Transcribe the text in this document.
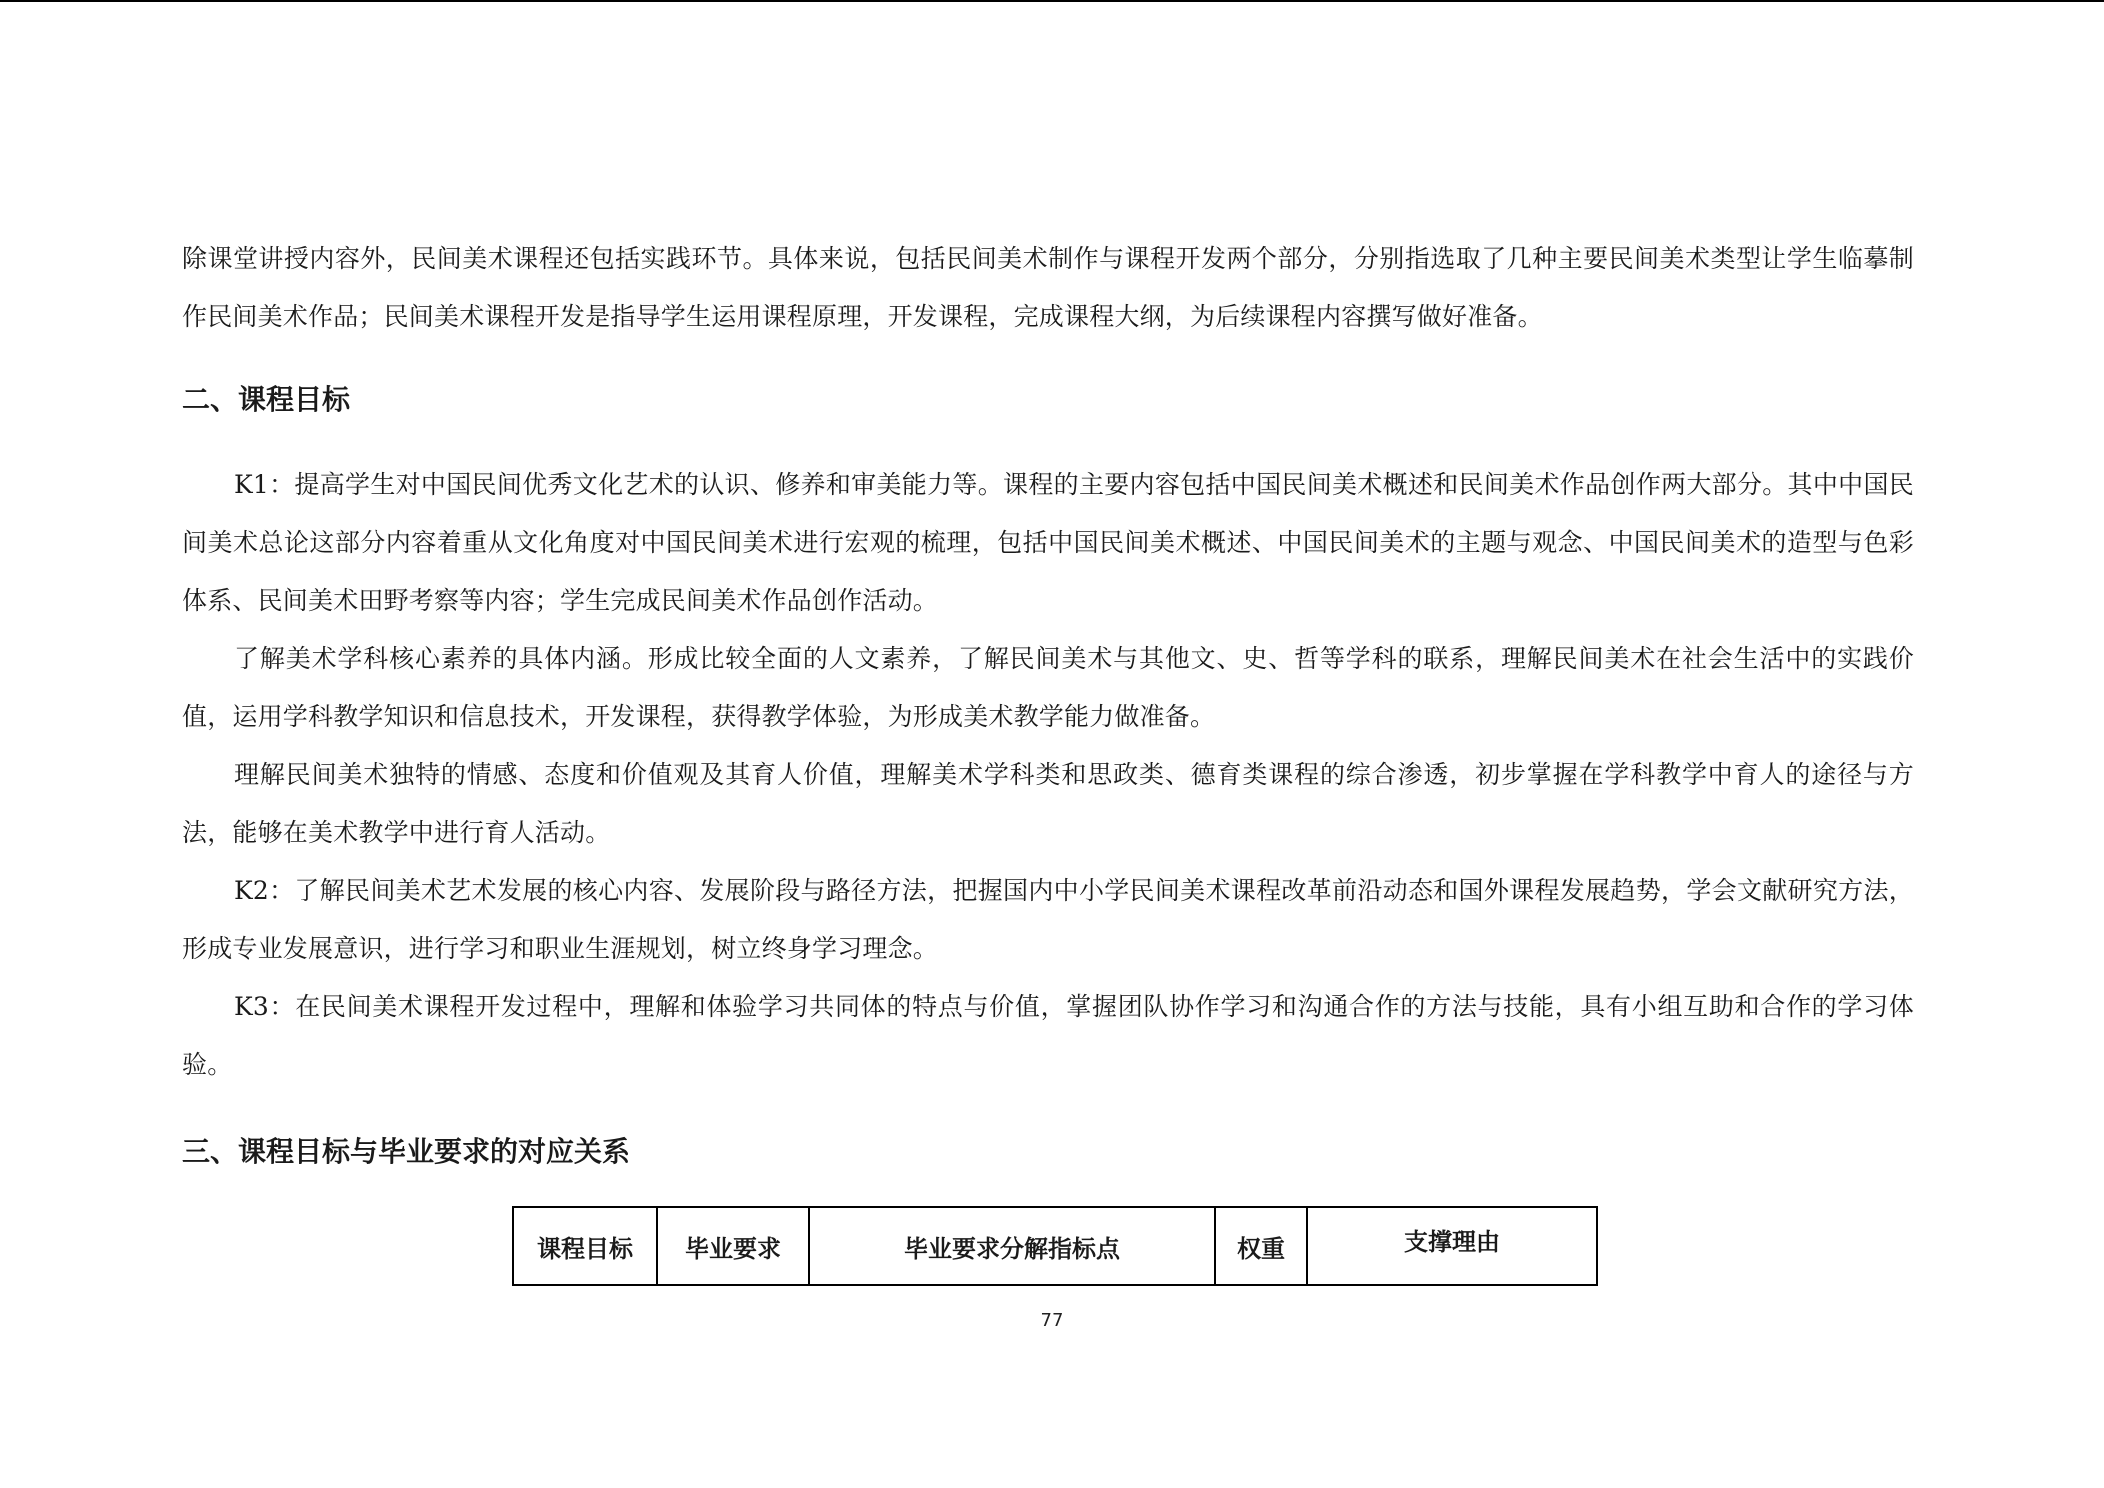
除课堂讲授内容外，民间美术课程还包括实践环节。具体来说，包括民间美术制作与课程开发两个部分，分别指选取了几种主要民间美术类型让学生临摹制作民间美术作品；民间美术课程开发是指导学生运用课程原理，开发课程，完成课程大纲，为后续课程内容撰写做好准备。

二、课程目标

K1：提高学生对中国民间优秀文化艺术的认识、修养和审美能力等。课程的主要内容包括中国民间美术概述和民间美术作品创作两大部分。其中中国民间美术总论这部分内容着重从文化角度对中国民间美术进行宏观的梳理，包括中国民间美术概述、中国民间美术的主题与观念、中国民间美术的造型与色彩体系、民间美术田野考察等内容；学生完成民间美术作品创作活动。

了解美术学科核心素养的具体内涵。形成比较全面的人文素养，了解民间美术与其他文、史、哲等学科的联系，理解民间美术在社会生活中的实践价值，运用学科教学知识和信息技术，开发课程，获得教学体验，为形成美术教学能力做准备。

理解民间美术独特的情感、态度和价值观及其育人价值，理解美术学科类和思政类、德育类课程的综合渗透，初步掌握在学科教学中育人的途径与方法，能够在美术教学中进行育人活动。

K2：了解民间美术艺术发展的核心内容、发展阶段与路径方法，把握国内中小学民间美术课程改革前沿动态和国外课程发展趋势，学会文献研究方法，形成专业发展意识，进行学习和职业生涯规划，树立终身学习理念。

K3：在民间美术课程开发过程中，理解和体验学习共同体的特点与价值，掌握团队协作学习和沟通合作的方法与技能，具有小组互助和合作的学习体验。

三、课程目标与毕业要求的对应关系
课程目标	毕业要求	毕业要求分解指标点	权重	支撑理由
77
